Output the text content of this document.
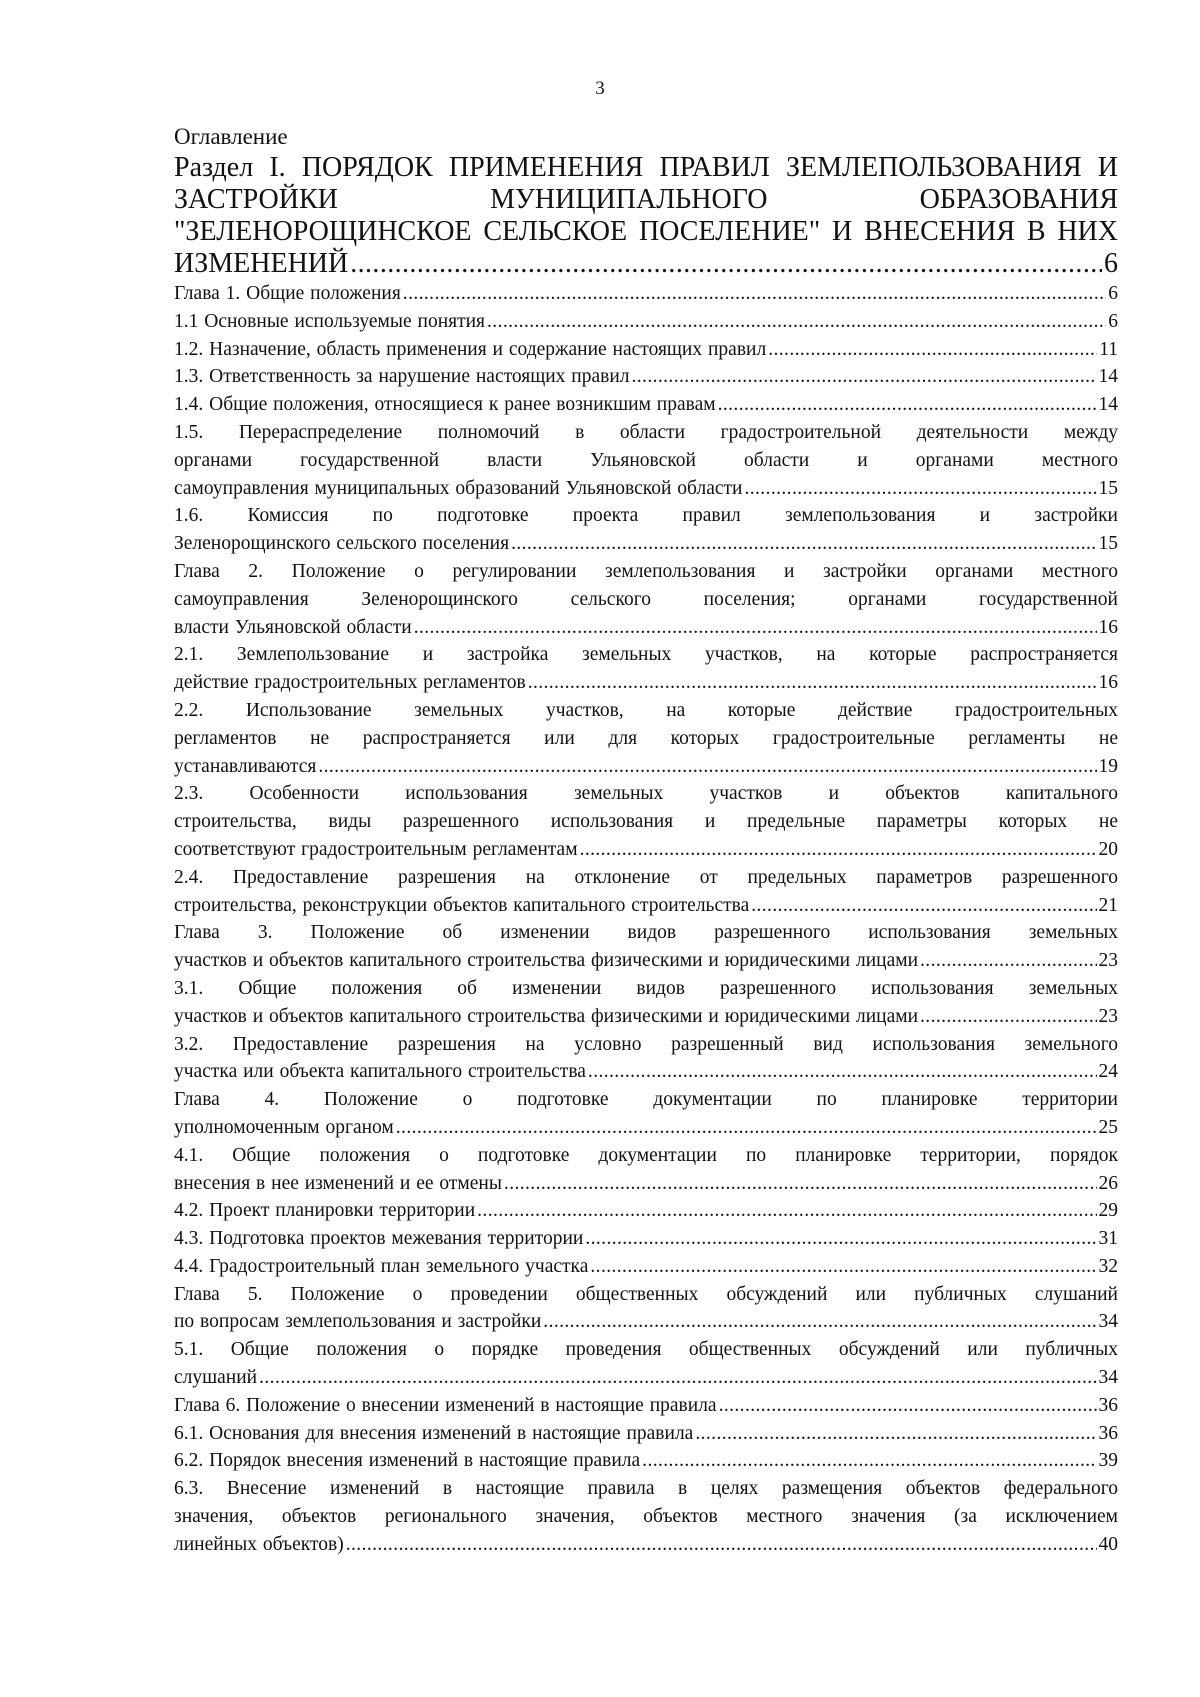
3
Оглавление
Раздел I. ПОРЯДОК ПРИМЕНЕНИЯ ПРАВИЛ ЗЕМЛЕПОЛЬЗОВАНИЯ И
ЗАСТРОЙКИ МУНИЦИПАЛЬНОГО ОБРАЗОВАНИЯ
"ЗЕЛЕНОРОЩИНСКОЕ СЕЛЬСКОЕ ПОСЕЛЕНИЕ" И ВНЕСЕНИЯ В НИХ
ИЗМЕНЕНИЙ .....	6
Глава 1. Общие положения .....	6
1.1 Основные используемые понятия .....	6
1.2. Назначение, область применения и содержание настоящих правил .....	11
1.3. Ответственность за нарушение настоящих правил .....	14
1.4. Общие положения, относящиеся к ранее возникшим правам .....	14
1.5. Перераспределение полномочий в области градостроительной деятельности между
органами государственной власти Ульяновской области и органами местного
самоуправления муниципальных образований Ульяновской области .....	15
1.6. Комиссия по подготовке проекта правил землепользования и застройки
Зеленорощинского сельского поселения .....	15
Глава 2. Положение о регулировании землепользования и застройки органами местного
самоуправления Зеленорощинского сельского поселения; органами государственной
власти Ульяновской области .....	16
2.1. Землепользование и застройка земельных участков, на которые распространяется
действие градостроительных регламентов .....	16
2.2. Использование земельных участков, на которые действие градостроительных
регламентов не распространяется или для которых градостроительные регламенты не
устанавливаются .....	19
2.3. Особенности использования земельных участков и объектов капитального
строительства, виды разрешенного использования и предельные параметры которых не
соответствуют градостроительным регламентам .....	20
2.4. Предоставление разрешения на отклонение от предельных параметров разрешенного
строительства, реконструкции объектов капитального строительства .....	21
Глава 3. Положение об изменении видов разрешенного использования земельных
участков и объектов капитального строительства физическими и юридическими лицами .....	23
3.1. Общие положения об изменении видов разрешенного использования земельных
участков и объектов капитального строительства физическими и юридическими лицами .....	23
3.2. Предоставление разрешения на условно разрешенный вид использования земельного
участка или объекта капитального строительства .....	24
Глава 4. Положение о подготовке документации по планировке территории
уполномоченным органом .....	25
4.1. Общие положения о подготовке документации по планировке территории, порядок
внесения в нее изменений и ее отмены .....	26
4.2. Проект планировки территории .....	29
4.3. Подготовка проектов межевания территории .....	31
4.4. Градостроительный план земельного участка .....	32
Глава 5. Положение о проведении общественных обсуждений или публичных слушаний
по вопросам землепользования и застройки .....	34
5.1. Общие положения о порядке проведения общественных обсуждений или публичных
слушаний .....	34
Глава 6. Положение о внесении изменений в настоящие правила .....	36
6.1. Основания для внесения изменений в настоящие правила .....	36
6.2. Порядок внесения изменений в настоящие правила .....	39
6.3. Внесение изменений в настоящие правила в целях размещения объектов федерального
значения, объектов регионального значения, объектов местного значения (за исключением
линейных объектов) .....	40
